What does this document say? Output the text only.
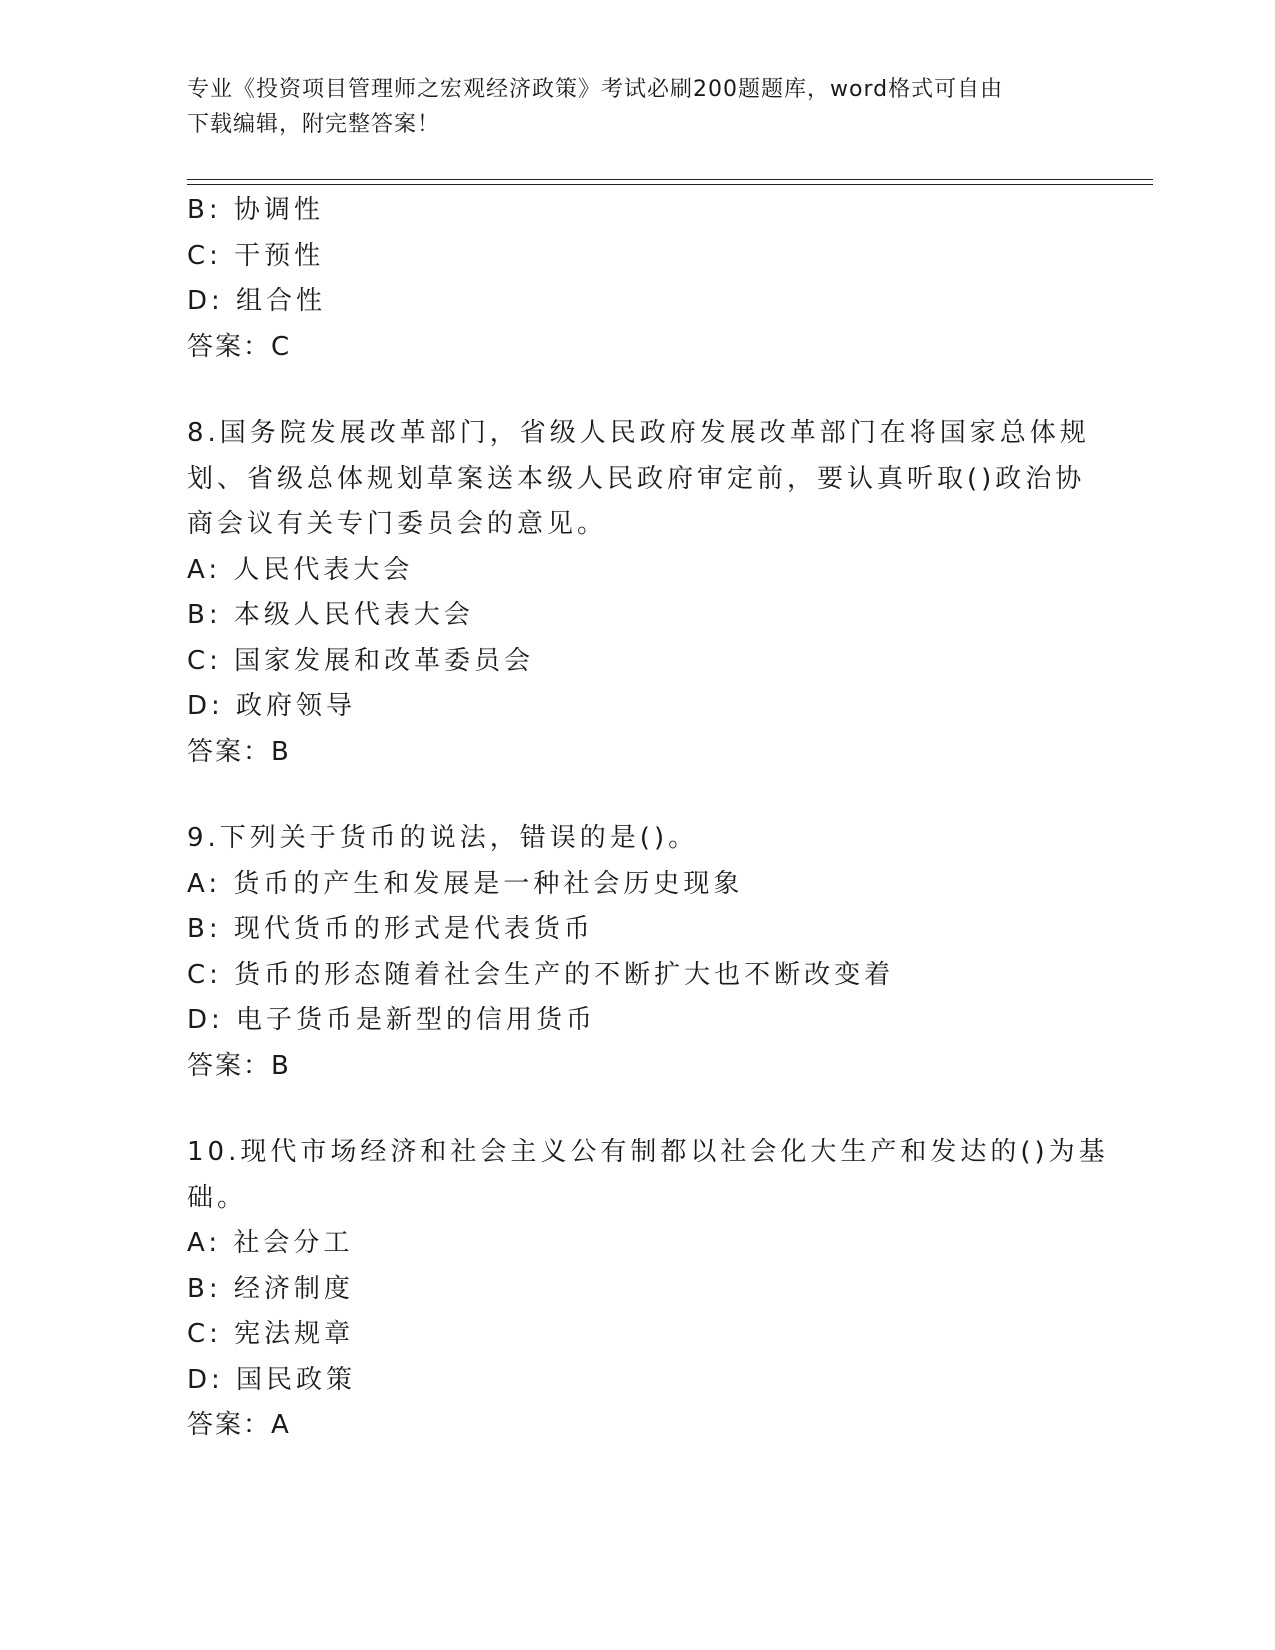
专业《投资项目管理师之宏观经济政策》考试必刷200题题库，word格式可自由
下载编辑，附完整答案！
B: 协调性
C: 干预性
D: 组合性
答案：C
8.国务院发展改革部门，省级人民政府发展改革部门在将国家总体规
划、省级总体规划草案送本级人民政府审定前，要认真听取()政治协
商会议有关专门委员会的意见。
A: 人民代表大会
B: 本级人民代表大会
C: 国家发展和改革委员会
D: 政府领导
答案：B
9.下列关于货币的说法，错误的是()。
A: 货币的产生和发展是一种社会历史现象
B: 现代货币的形式是代表货币
C: 货币的形态随着社会生产的不断扩大也不断改变着
D: 电子货币是新型的信用货币
答案：B
10.现代市场经济和社会主义公有制都以社会化大生产和发达的()为基
础。
A: 社会分工
B: 经济制度
C: 宪法规章
D: 国民政策
答案：A
